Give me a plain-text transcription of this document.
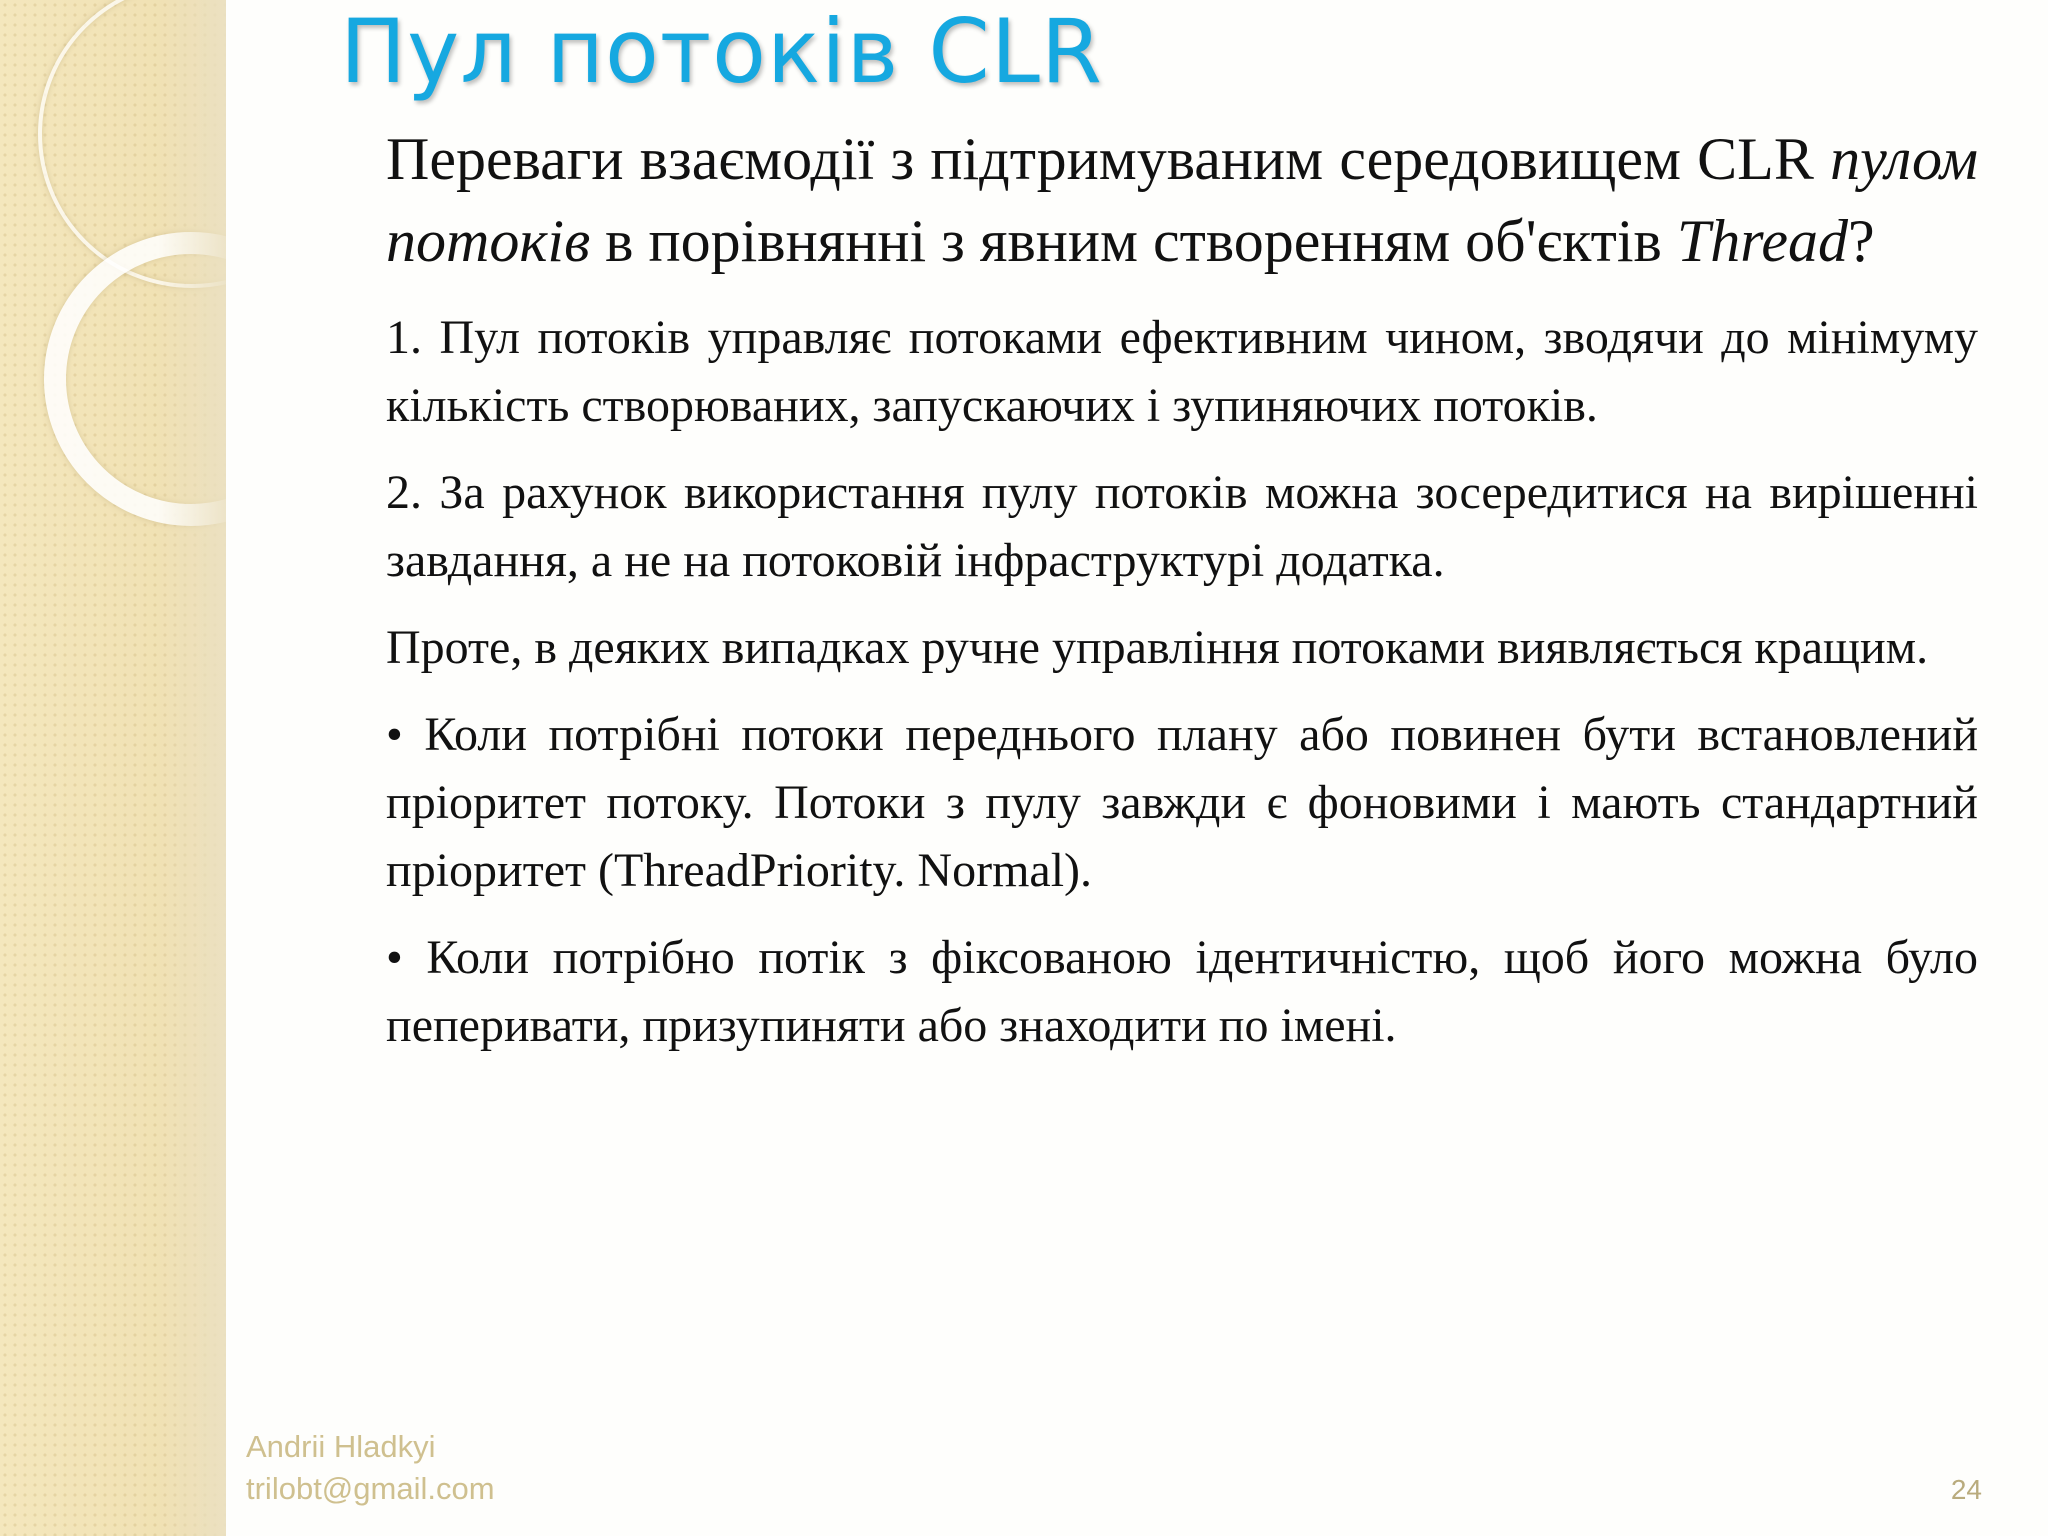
Пул потоків CLR

Переваги взаємодії з підтримуваним середовищем CLR пулом потоків в порівнянні з явним створенням об'єктів Thread?

1. Пул потоків управляє потоками ефективним чином, зводячи до мінімуму кількість створюваних, запускаючих і зупиняючих потоків.

2. За рахунок використання пулу потоків можна зосередитися на вирішенні завдання, а не на потоковій інфраструктурі додатка.

Проте, в деяких випадках ручне управління потоками виявляється кращим.

• Коли потрібні потоки переднього плану або повинен бути встановлений пріоритет потоку. Потоки з пулу завжди є фоновими і мають стандартний пріоритет (ThreadPriority. Normal).

• Коли потрібно потік з фіксованою ідентичністю, щоб його можна було пеперивати, призупиняти або знаходити по імені.

Andrii Hladkyi
trilobt@gmail.com	24
